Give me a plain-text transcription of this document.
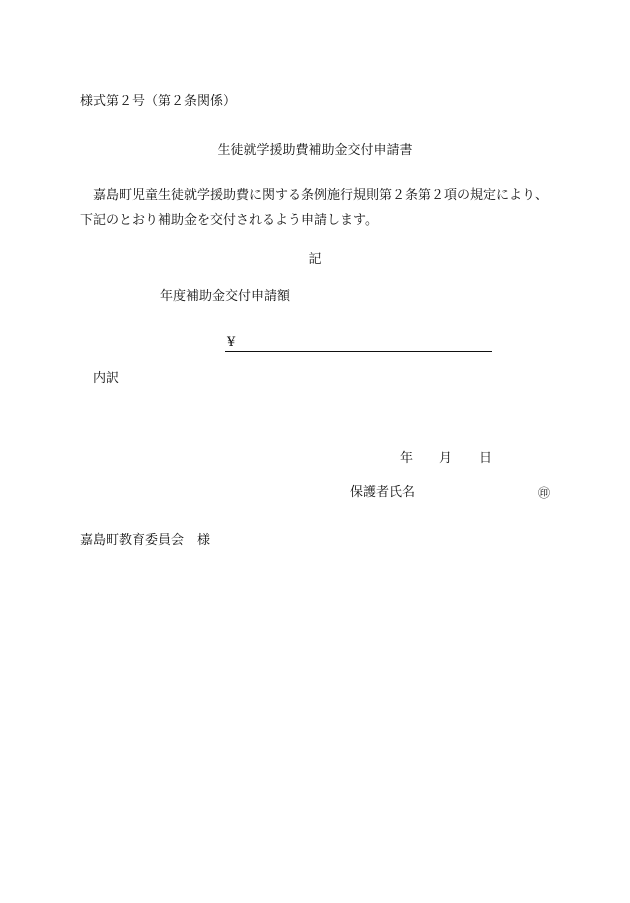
様式第２号（第２条関係）
生徒就学援助費補助金交付申請書
嘉島町児童生徒就学援助費に関する条例施行規則第２条第２項の規定により、
下記のとおり補助金を交付されるよう申請します。
記
年度補助金交付申請額
¥
内訳
年 月 日
保護者氏名	㊞
嘉島町教育委員会　様
